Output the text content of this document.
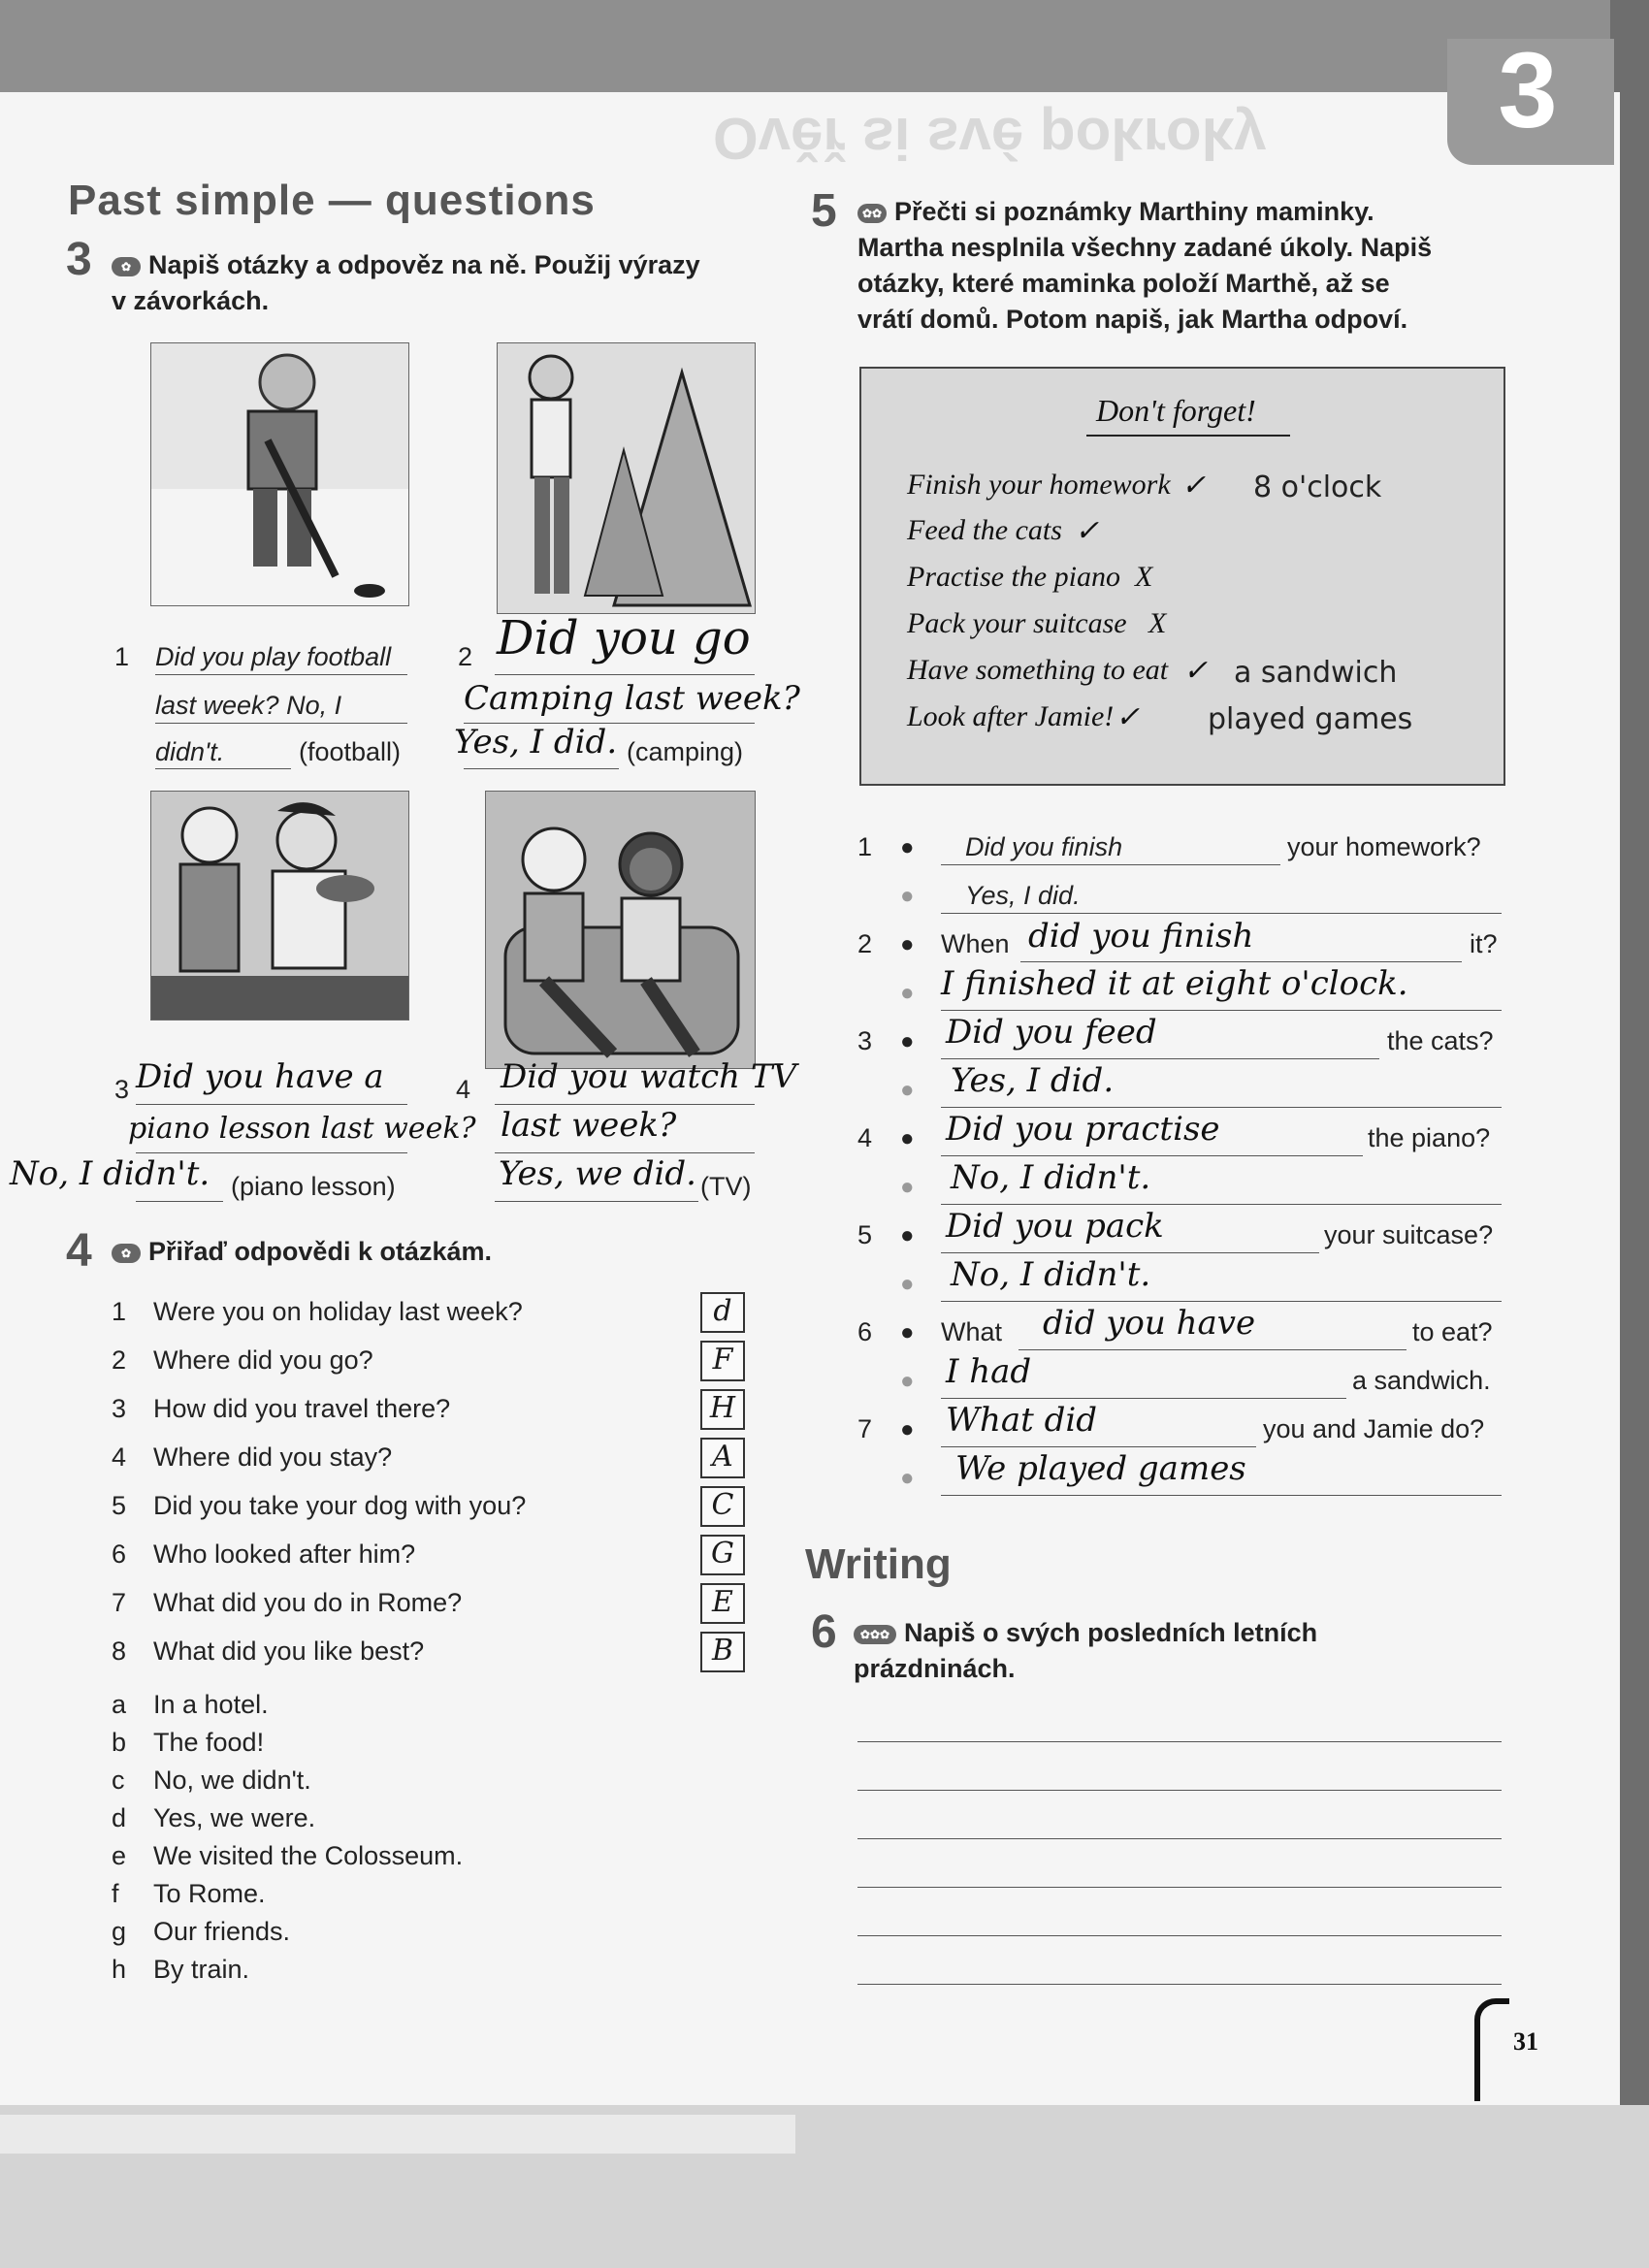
3
Ověř si své pokroky
Past simple — questions
3	✿ Napiš otázky a odpověz na ně. Použij výrazy
v závorkách.
1 Did you play football
last week? No, I
didn't.	(football)
2 Did you go
Camping last week?
Yes, I did. (camping)
3 Did you have a
piano lesson last week?
No, I didn't. (piano lesson)
4 Did you watch TV
last week?
Yes, we did. (TV)
4	✿ Přiřaď odpovědi k otázkám.
1 Were you on holiday last week?	d
2 Where did you go?	F
3 How did you travel there?	H
4 Where did you stay?	A
5 Did you take your dog with you?	C
6 Who looked after him?	G
7 What did you do in Rome?	E
8 What did you like best?	B
a In a hotel.
b The food!
c No, we didn't.
d Yes, we were.
e We visited the Colosseum.
f To Rome.
g Our friends.
h By train.
5	✿✿ Přečti si poznámky Marthiny maminky.
Martha nesplnila všechny zadané úkoly. Napiš
otázky, které maminka položí Marthě, až se
vrátí domů. Potom napiš, jak Martha odpoví.
Don't forget!
Finish your homework ✓ 8 o'clock
Feed the cats ✓
Practise the piano X
Pack your suitcase X
Have something to eat ✓ a sandwich
Look after Jamie! ✓ played games
1 ● Did you finish	your homework?
● Yes, I did.
2 ● When did you finish	it?
● I finished it at eight o'clock.
3 ● Did you feed	the cats?
● Yes, I did.
4 ● Did you practise	the piano?
● No, I didn't.
5 ● Did you pack	your suitcase?
● No, I didn't.
6 ● What did you have	to eat?
● I had	a sandwich.
7 ● What did	you and Jamie do?
● We played games
Writing
6	✿✿✿ Napiš o svých posledních letních
prázdninách.
31
